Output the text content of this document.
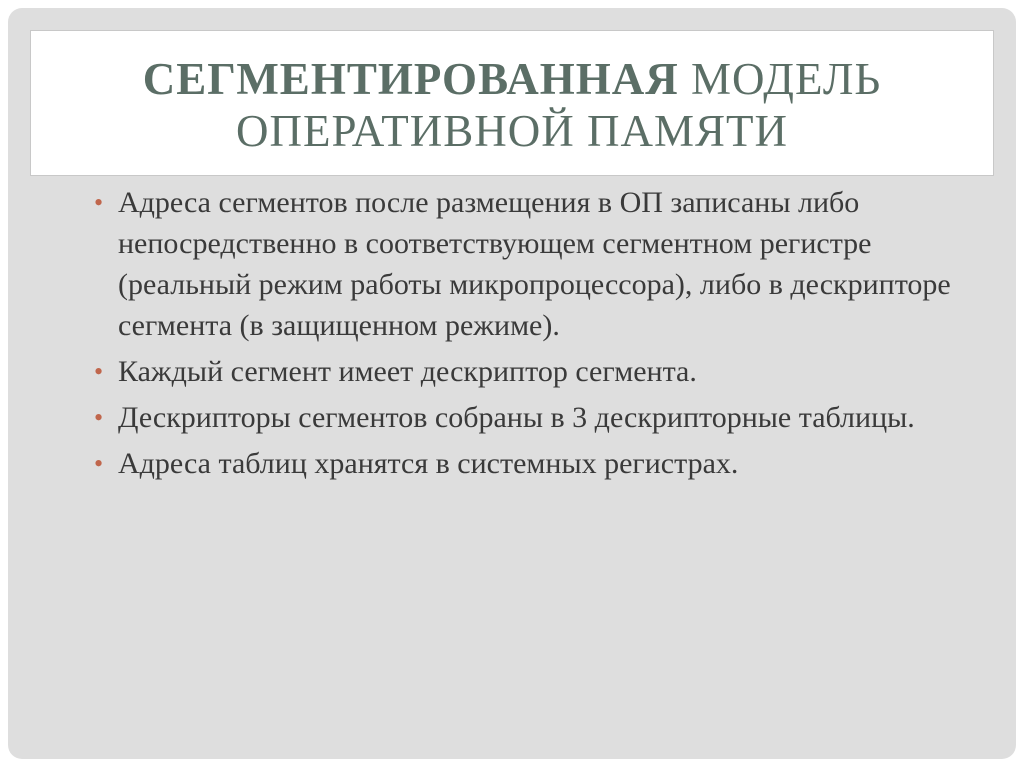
СЕГМЕНТИРОВАННАЯ МОДЕЛЬ ОПЕРАТИВНОЙ ПАМЯТИ
• Адреса сегментов после размещения в ОП записаны либо непосредственно в соответствующем сегментном регистре (реальный режим работы микропроцессора), либо в дескрипторе сегмента (в защищенном режиме).
• Каждый сегмент имеет дескриптор сегмента.
• Дескрипторы сегментов собраны в 3 дескрипторные таблицы.
• Адреса таблиц хранятся в системных регистрах.
